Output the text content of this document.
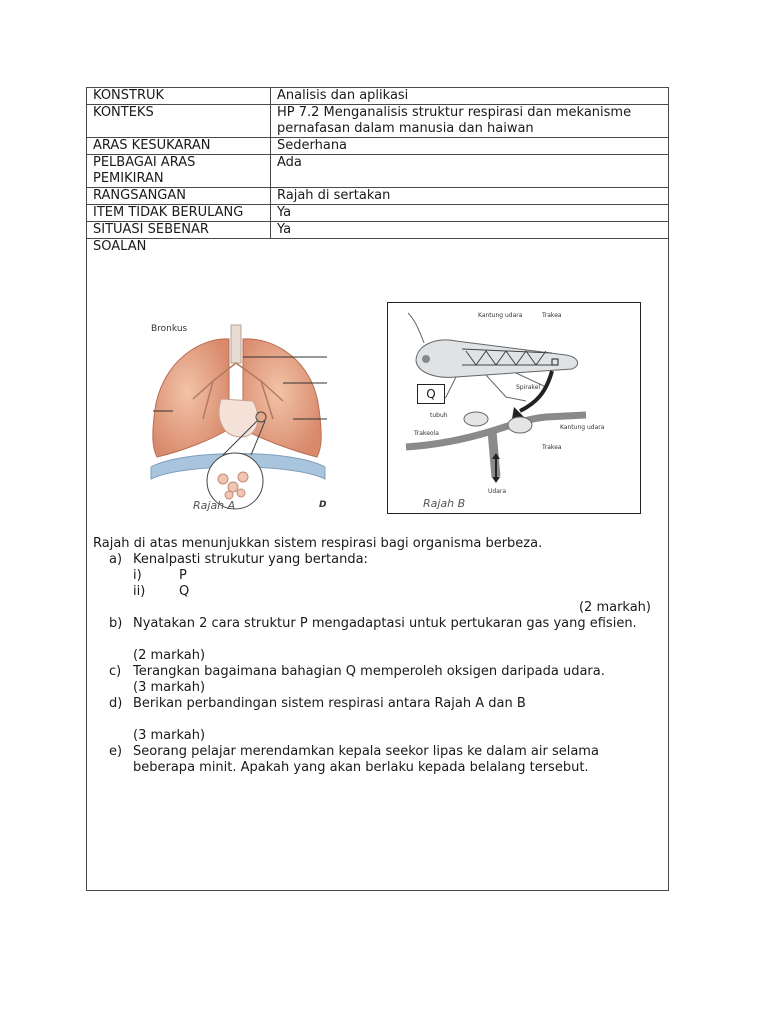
KONSTRUK	Analisis dan aplikasi
KONTEKS	HP 7.2 Menganalisis struktur respirasi dan mekanisme pernafasan dalam manusia dan haiwan
ARAS KESUKARAN	Sederhana
PELBAGAI ARAS PEMIKIRAN	Ada
RANGSANGAN	Rajah di sertakan
ITEM TIDAK BERULANG	Ya
SITUASI SEBENAR	Ya
SOALAN
Bronkus
D
Rajah A
Kantung udara	Trakea
Spirakel
Trakeola
tubuh
Kantung udara
Trakea
Udara
Q
Rajah B

Rajah di atas menunjukkan sistem respirasi bagi organisma berbeza.

a) Kenalpasti strukutur yang bertanda:
i)	P
ii)	Q

(2 markah)

b) Nyatakan 2 cara struktur P mengadaptasi untuk pertukaran gas yang efisien.
(2 markah)
c) Terangkan bagaimana bahagian Q memperoleh oksigen daripada udara.
(3 markah)
d) Berikan perbandingan sistem respirasi antara Rajah A dan B
(3 markah)
e) Seorang pelajar merendamkan kepala seekor lipas ke dalam air selama beberapa minit. Apakah yang akan berlaku kepada belalang tersebut.
